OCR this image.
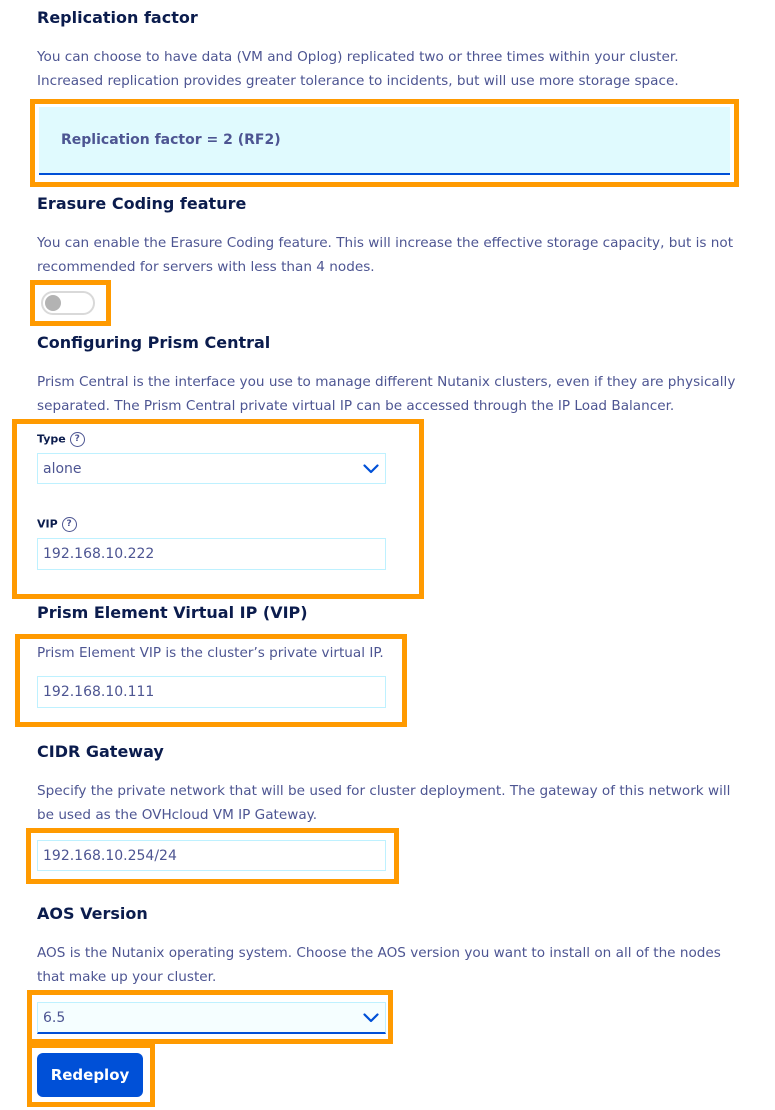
Replication factor
You can choose to have data (VM and Oplog) replicated two or three times within your cluster.
Increased replication provides greater tolerance to incidents, but will use more storage space.
Replication factor = 2 (RF2)
Erasure Coding feature
You can enable the Erasure Coding feature. This will increase the effective storage capacity, but is not
recommended for servers with less than 4 nodes.
Configuring Prism Central
Prism Central is the interface you use to manage different Nutanix clusters, even if they are physically
separated. The Prism Central private virtual IP can be accessed through the IP Load Balancer.
Type ?
alone
VIP ?
192.168.10.222
Prism Element Virtual IP (VIP)
Prism Element VIP is the cluster’s private virtual IP.
192.168.10.111
CIDR Gateway
Specify the private network that will be used for cluster deployment. The gateway of this network will
be used as the OVHcloud VM IP Gateway.
192.168.10.254/24
AOS Version
AOS is the Nutanix operating system. Choose the AOS version you want to install on all of the nodes
that make up your cluster.
6.5
Redeploy
